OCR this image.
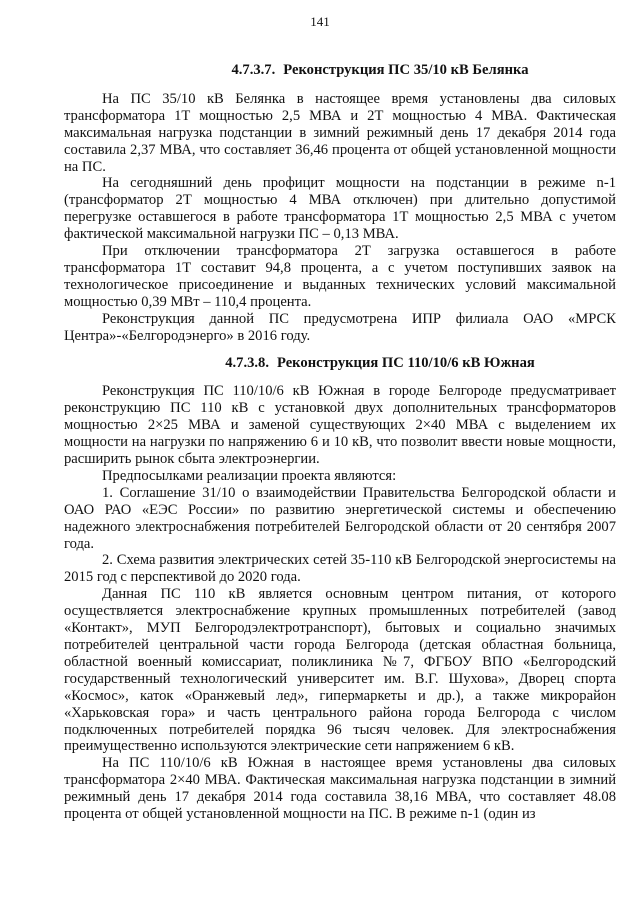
141
4.7.3.7. Реконструкция ПС 35/10 кВ Белянка

На ПС 35/10 кВ Белянка в настоящее время установлены два силовых трансформатора 1Т мощностью 2,5 МВА и 2Т мощностью 4 МВА. Фактическая максимальная нагрузка подстанции в зимний режимный день 17 декабря 2014 года составила 2,37 МВА, что составляет 36,46 процента от общей установленной мощности на ПС.

На сегодняшний день профицит мощности на подстанции в режиме n-1 (трансформатор 2Т мощностью 4 МВА отключен) при длительно допустимой перегрузке оставшегося в работе трансформатора 1Т мощностью 2,5 МВА с учетом фактической максимальной нагрузки ПС – 0,13 МВА.

При отключении трансформатора 2Т загрузка оставшегося в работе трансформатора 1Т составит 94,8 процента, а с учетом поступивших заявок на технологическое присоединение и выданных технических условий максимальной мощностью 0,39 МВт – 110,4 процента.

Реконструкция данной ПС предусмотрена ИПР филиала ОАО «МРСК Центра»-«Белгородэнерго» в 2016 году.

4.7.3.8. Реконструкция ПС 110/10/6 кВ Южная

Реконструкция ПС 110/10/6 кВ Южная в городе Белгороде предусматривает реконструкцию ПС 110 кВ с установкой двух дополнительных трансформаторов мощностью 2×25 МВА и заменой существующих 2×40 МВА с выделением их мощности на нагрузки по напряжению 6 и 10 кВ, что позволит ввести новые мощности, расширить рынок сбыта электроэнергии.

Предпосылками реализации проекта являются:

1. Соглашение 31/10 о взаимодействии Правительства Белгородской области и ОАО РАО «ЕЭС России» по развитию энергетической системы и обеспечению надежного электроснабжения потребителей Белгородской области от 20 сентября 2007 года.

2. Схема развития электрических сетей 35-110 кВ Белгородской энергосистемы на 2015 год с перспективой до 2020 года.

Данная ПС 110 кВ является основным центром питания, от которого осуществляется электроснабжение крупных промышленных потребителей (завод «Контакт», МУП Белгородэлектротранспорт), бытовых и социально значимых потребителей центральной части города Белгорода (детская областная больница, областной военный комиссариат, поликлиника №7, ФГБОУ ВПО «Белгородский государственный технологический университет им. В.Г. Шухова», Дворец спорта «Космос», каток «Оранжевый лед», гипермаркеты и др.), а также микрорайон «Харьковская гора» и часть центрального района города Белгорода с числом подключенных потребителей порядка 96 тысяч человек. Для электроснабжения преимущественно используются электрические сети напряжением 6 кВ.

На ПС 110/10/6 кВ Южная в настоящее время установлены два силовых трансформатора 2×40 МВА. Фактическая максимальная нагрузка подстанции в зимний режимный день 17 декабря 2014 года составила 38,16 МВА, что составляет 48.08 процента от общей установленной мощности на ПС. В режиме n-1 (один из
